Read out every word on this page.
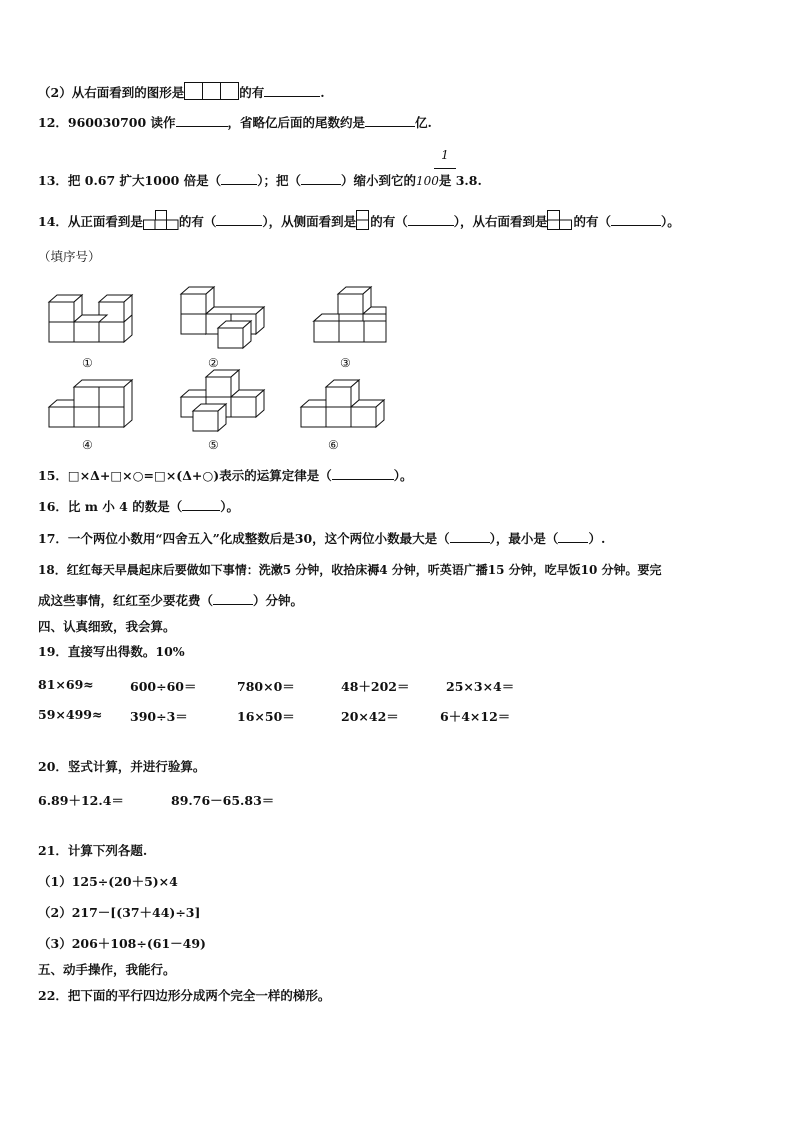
（2）从右面看到的图形是	的有	.
12．960030700 读作	，省略亿后面的尾数约是	亿.
1
13．把 0.67 扩大1000 倍是（	）；把（	）缩小到它的100是 3.8.
14．从正面看到是	的有（	），从侧面看到是 的有（	），从右面看到是 的有（	）。
（填序号）
①	②	③
④	⑤	⑥
15．□×Δ+□×○=□×(Δ+○)表示的运算定律是（	）。
16．比 m 小 4 的数是（	）。
17．一个两位小数用“四舍五入”化成整数后是30，这个两位小数最大是（	），最小是（ ）.
18．红红每天早晨起床后要做如下事情：洗漱5 分钟，收拾床褥4 分钟，听英语广播15 分钟，吃早饭10 分钟。要完
成这些事情，红红至少要花费（	）分钟。
四、认真细致，我会算。
19．直接写出得数。10%
81×69≈	600÷60＝	780×0＝	48＋202＝	25×3×4＝
59×499≈ 390÷3＝	16×50＝	20×42＝	6＋4×12＝
20．竖式计算，并进行验算。
6.89＋12.4＝	89.76－65.83＝
21．计算下列各题.
（1）125÷(20＋5)×4
（2）217－[(37＋44)÷3]
（3）206＋108÷(61－49)
五、动手操作，我能行。
22．把下面的平行四边形分成两个完全一样的梯形。
